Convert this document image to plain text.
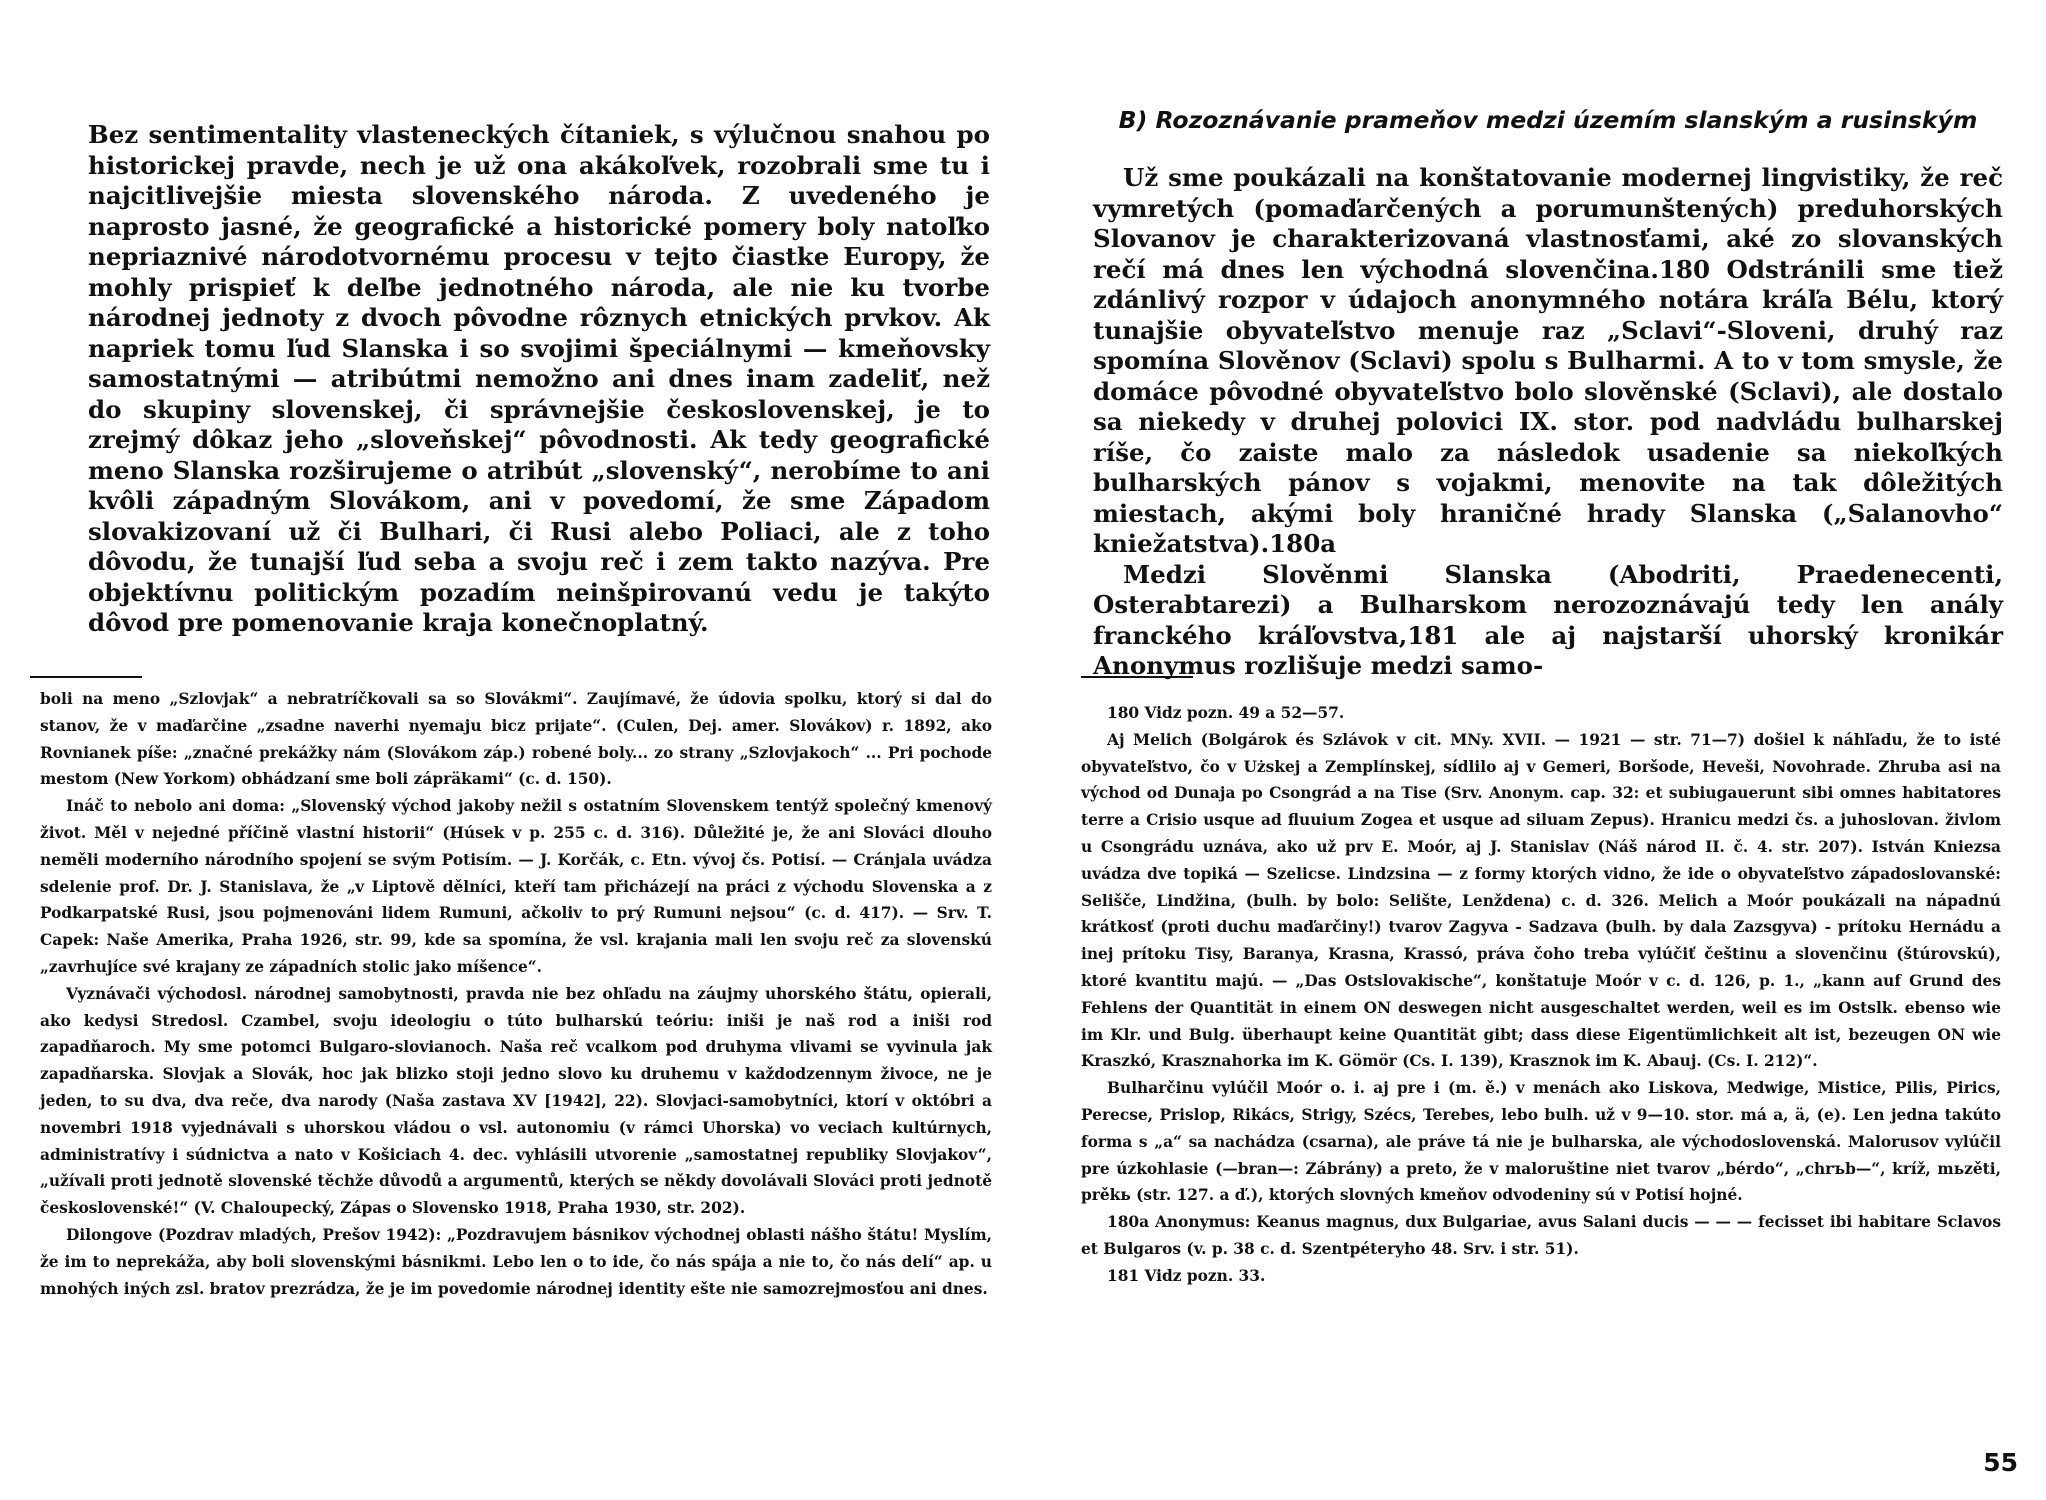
Bez sentimentality vlasteneckých čítaniek, s výlučnou snahou po historickej pravde, nech je už ona akákoľvek, rozobrali sme tu i najcitlivejšie miesta slovenského národa. Z uvedeného je naprosto jasné, že geografické a historické pomery boly natoľko nepriaznivé národotvornému procesu v tejto čiastke Europy, že mohly prispieť k deľbe jednotného národa, ale nie ku tvorbe národnej jednoty z dvoch pôvodne rôznych etnických prvkov. Ak napriek tomu ľud Slanska i so svojimi špeciálnymi — kmeňovsky samostatnými — atribútmi nemožno ani dnes inam zadeliť, než do skupiny slovenskej, či správnejšie československej, je to zrejmý dôkaz jeho „sloveňskej“ pôvodnosti. Ak tedy geografické meno Slanska rozširujeme o atribút „slovenský“, nerobíme to ani kvôli západným Slovákom, ani v povedomí, že sme Západom slovakizovaní už či Bulhari, či Rusi alebo Poliaci, ale z toho dôvodu, že tunajší ľud seba a svoju reč i zem takto nazýva. Pre objektívnu politickým pozadím neinšpirovanú vedu je takýto dôvod pre pomenovanie kraja konečnoplatný.

boli na meno „Szlovjak“ a nebratríčkovali sa so Slovákmi“. Zaujímavé, že údovia spolku, ktorý si dal do stanov, že v maďarčine „zsadne naverhi nyemaju bicz prijate“. (Culen, Dej. amer. Slovákov) r. 1892, ako Rovnianek píše: „značné prekážky nám (Slovákom záp.) robené boly... zo strany „Szlovjakoch“ ... Pri pochode mestom (New Yorkom) obhádzaní sme boli zápräkami“ (c. d. 150).

Ináč to nebolo ani doma: „Slovenský východ jakoby nežil s ostatním Slovenskem tentýž společný kmenový život. Měl v nejedné příčině vlastní historii“ (Húsek v p. 255 c. d. 316). Důležité je, že ani Slováci dlouho neměli moderního národního spojení se svým Potisím. — J. Korčák, c. Etn. vývoj čs. Potisí. — Cránjala uvádza sdelenie prof. Dr. J. Stanislava, že „v Liptově dělníci, kteří tam přicházejí na práci z východu Slovenska a z Podkarpatské Rusi, jsou pojmenováni lidem Rumuni, ačkoliv to prý Rumuni nejsou“ (c. d. 417). — Srv. T. Capek: Naše Amerika, Praha 1926, str. 99, kde sa spomína, že vsl. krajania mali len svoju reč za slovenskú „zavrhujíce své krajany ze západních stolic jako míšence“.

Vyznávači východosl. národnej samobytnosti, pravda nie bez ohľadu na záujmy uhorského štátu, opierali, ako kedysi Stredosl. Czambel, svoju ideologiu o túto bulharskú teóriu: iniši je naš rod a iniši rod zapadňaroch. My sme potomci Bulgaro-slovianoch. Naša reč vcalkom pod druhyma vlivami se vyvinula jak zapadňarska. Slovjak a Slovák, hoc jak blizko stoji jedno slovo ku druhemu v každodzennym živoce, ne je jeden, to su dva, dva reče, dva narody (Naša zastava XV [1942], 22). Slovjaci-samobytníci, ktorí v októbri a novembri 1918 vyjednávali s uhorskou vládou o vsl. autonomiu (v rámci Uhorska) vo veciach kultúrnych, administratívy i súdnictva a nato v Košiciach 4. dec. vyhlásili utvorenie „samostatnej republiky Slovjakov“, „užívali proti jednotě slovenské těchže důvodů a argumentů, kterých se někdy dovolávali Slováci proti jednotě československé!“ (V. Chaloupecký, Zápas o Slovensko 1918, Praha 1930, str. 202).

Dilongove (Pozdrav mladých, Prešov 1942): „Pozdravujem básnikov východnej oblasti nášho štátu! Myslím, že im to neprekáža, aby boli slovenskými básnikmi. Lebo len o to ide, čo nás spája a nie to, čo nás delí“ ap. u mnohých iných zsl. bratov prezrádza, že je im povedomie národnej identity ešte nie samozrejmosťou ani dnes.

B) Rozoznávanie prameňov medzi územím slanským a rusinským

Už sme poukázali na konštatovanie modernej lingvistiky, že reč vymretých (pomaďarčených a porumunštených) preduhorských Slovanov je charakterizovaná vlastnosťami, aké zo slovanských rečí má dnes len východná slovenčina.180 Odstránili sme tiež zdánlivý rozpor v údajoch anonymného notára kráľa Bélu, ktorý tunajšie obyvateľstvo menuje raz „Sclavi“-Sloveni, druhý raz spomína Slověnov (Sclavi) spolu s Bulharmi. A to v tom smysle, že domáce pôvodné obyvateľstvo bolo slověnské (Sclavi), ale dostalo sa niekedy v druhej polovici IX. stor. pod nadvládu bulharskej ríše, čo zaiste malo za následok usadenie sa niekoľkých bulharských pánov s vojakmi, menovite na tak dôležitých miestach, akými boly hraničné hrady Slanska („Salanovho“ kniežatstva).180a

Medzi Slověnmi Slanska (Abodriti, Praedenecenti, Osterabtarezi) a Bulharskom nerozoznávajú tedy len anály franckého kráľovstva,181 ale aj najstarší uhorský kronikár Anonymus rozlišuje medzi samo-

180 Vidz pozn. 49 a 52—57.

Aj Melich (Bolgárok és Szlávok v cit. MNy. XVII. — 1921 — str. 71—7) došiel k náhľadu, že to isté obyvateľstvo, čo v Użskej a Zemplínskej, sídlilo aj v Gemeri, Boršode, Heveši, Novohrade. Zhruba asi na východ od Dunaja po Csongrád a na Tise (Srv. Anonym. cap. 32: et subiugauerunt sibi omnes habitatores terre a Crisio usque ad fluuium Zogea et usque ad siluam Zepus). Hranicu medzi čs. a juhoslovan. živlom u Csongrádu uznáva, ako už prv E. Moór, aj J. Stanislav (Náš národ II. č. 4. str. 207). István Kniezsa uvádza dve topiká — Szelicse. Lindzsina — z formy ktorých vidno, že ide o obyvateľstvo západoslovanské: Selišče, Lindžina, (bulh. by bolo: Selište, Lenždena) c. d. 326. Melich a Moór poukázali na nápadnú krátkosť (proti duchu maďarčiny!) tvarov Zagyva - Sadzava (bulh. by dala Zazsgyva) - prítoku Hernádu a inej prítoku Tisy, Baranya, Krasna, Krassó, práva čoho treba vylúčiť češtinu a slovenčinu (štúrovskú), ktoré kvantitu majú. — „Das Ostslovakische“, konštatuje Moór v c. d. 126, p. 1., „kann auf Grund des Fehlens der Quantität in einem ON deswegen nicht ausgeschaltet werden, weil es im Ostslk. ebenso wie im Klr. und Bulg. überhaupt keine Quantität gibt; dass diese Eigentümlichkeit alt ist, bezeugen ON wie Kraszkó, Krasznahorka im K. Gömör (Cs. I. 139), Krasznok im K. Abauj. (Cs. I. 212)“.

Bulharčinu vylúčil Moór o. i. aj pre i (m. ě.) v menách ako Liskova, Medwige, Mistice, Pilis, Pirics, Perecse, Prislop, Rikács, Strigy, Szécs, Terebes, lebo bulh. už v 9—10. stor. má a, ä, (e). Len jedna takúto forma s „a“ sa nachádza (csarna), ale práve tá nie je bulharska, ale východoslovenská. Malorusov vylúčil pre úzkohlasie (—bran—: Zábrány) a preto, že v maloruštine niet tvarov „bérdo“, „chrъb—“, kríž, mьzěti, prěkь (str. 127. a ď.), ktorých slovných kmeňov odvodeniny sú v Potisí hojné.

180a Anonymus: Keanus magnus, dux Bulgariae, avus Salani ducis — — — fecisset ibi habitare Sclavos et Bulgaros (v. p. 38 c. d. Szentpéteryho 48. Srv. i str. 51).

181 Vidz pozn. 33.

55
